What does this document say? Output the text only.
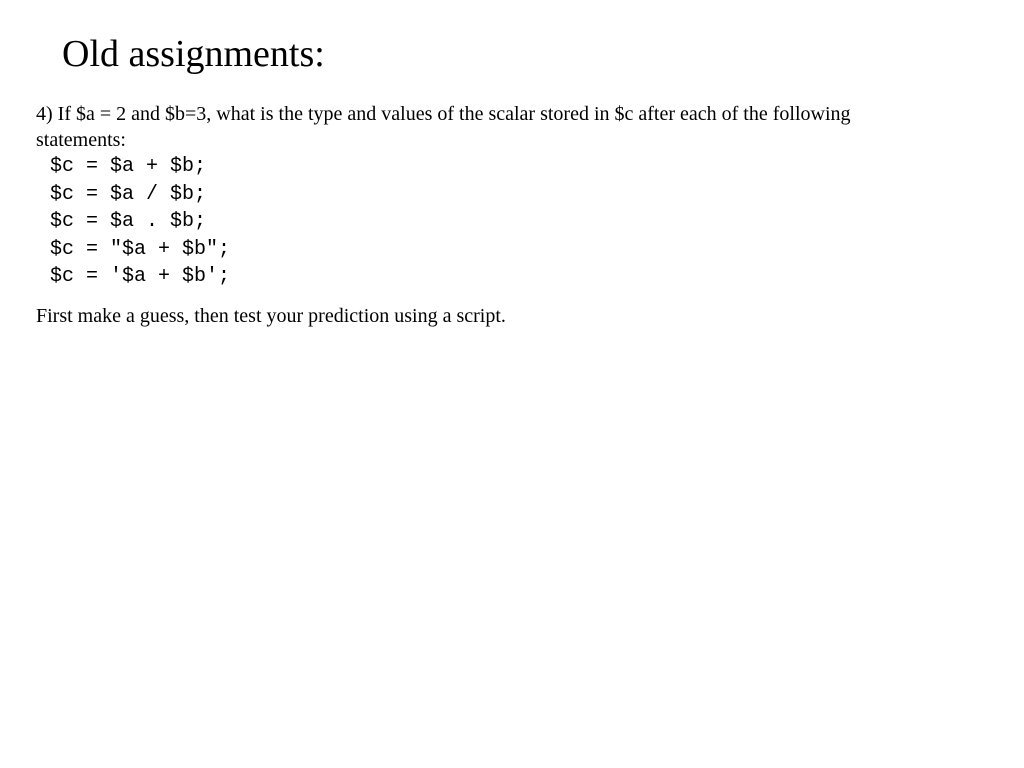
Old assignments:

4) If $a = 2 and $b=3, what is the type and values of the scalar stored in $c after each of the following statements:

$c = $a + $b;
$c = $a / $b;
$c = $a . $b;
$c = "$a + $b";
$c = '$a + $b';

First make a guess, then test your prediction using a script.
